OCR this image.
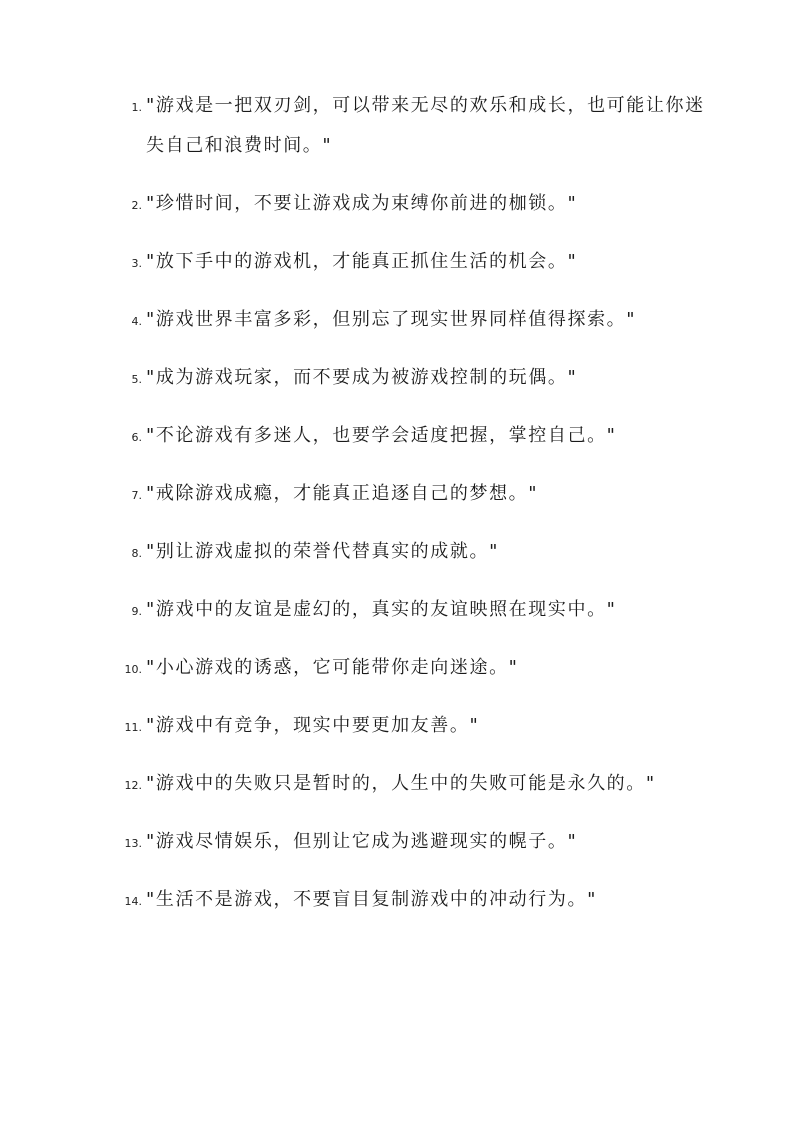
1. "游戏是一把双刃剑，可以带来无尽的欢乐和成长，也可能让你迷失自己和浪费时间。"
2. "珍惜时间，不要让游戏成为束缚你前进的枷锁。"
3. "放下手中的游戏机，才能真正抓住生活的机会。"
4. "游戏世界丰富多彩，但别忘了现实世界同样值得探索。"
5. "成为游戏玩家，而不要成为被游戏控制的玩偶。"
6. "不论游戏有多迷人，也要学会适度把握，掌控自己。"
7. "戒除游戏成瘾，才能真正追逐自己的梦想。"
8. "别让游戏虚拟的荣誉代替真实的成就。"
9. "游戏中的友谊是虚幻的，真实的友谊映照在现实中。"
10. "小心游戏的诱惑，它可能带你走向迷途。"
11. "游戏中有竞争，现实中要更加友善。"
12. "游戏中的失败只是暂时的，人生中的失败可能是永久的。"
13. "游戏尽情娱乐，但别让它成为逃避现实的幌子。"
14. "生活不是游戏，不要盲目复制游戏中的冲动行为。"
